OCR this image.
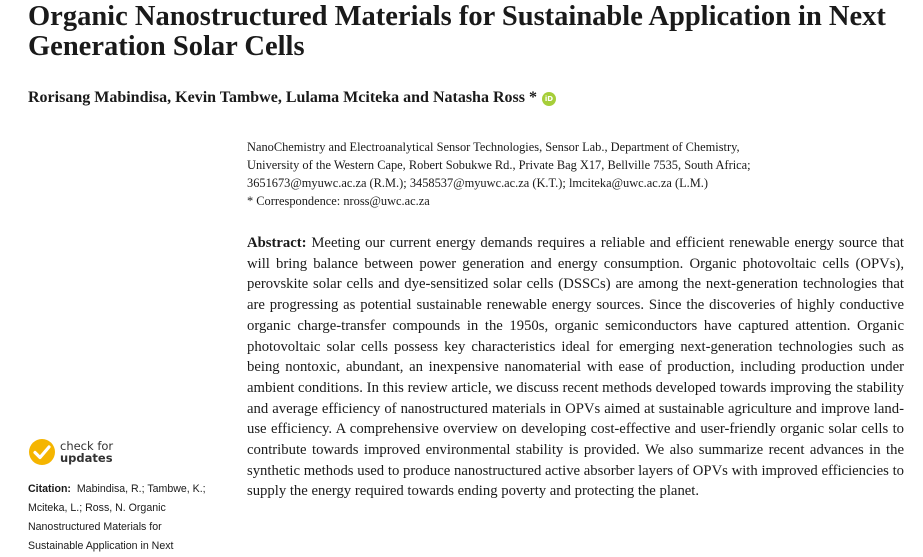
Organic Nanostructured Materials for Sustainable Application in Next Generation Solar Cells
Rorisang Mabindisa, Kevin Tambwe, Lulama Mciteka and Natasha Ross * iD
NanoChemistry and Electroanalytical Sensor Technologies, Sensor Lab., Department of Chemistry,
University of the Western Cape, Robert Sobukwe Rd., Private Bag X17, Bellville 7535, South Africa;
3651673@myuwc.ac.za (R.M.); 3458537@myuwc.ac.za (K.T.); lmciteka@uwc.ac.za (L.M.)
* Correspondence: nross@uwc.ac.za
Abstract: Meeting our current energy demands requires a reliable and efficient renewable energy source that will bring balance between power generation and energy consumption. Organic photovoltaic cells (OPVs), perovskite solar cells and dye-sensitized solar cells (DSSCs) are among the next-generation technologies that are progressing as potential sustainable renewable energy sources. Since the discoveries of highly conductive organic charge-transfer compounds in the 1950s, organic semiconductors have captured attention. Organic photovoltaic solar cells possess key characteristics ideal for emerging next-generation technologies such as being nontoxic, abundant, an inexpensive nanomaterial with ease of production, including production under ambient conditions. In this review article, we discuss recent methods developed towards improving the stability and average efficiency of nanostructured materials in OPVs aimed at sustainable agriculture and improve land-use efficiency. A comprehensive overview on developing cost-effective and user-friendly organic solar cells to contribute towards improved environmental stability is provided. We also summarize recent advances in the synthetic methods used to produce nanostructured active absorber layers of OPVs with improved efficiencies to supply the energy required towards ending poverty and protecting the planet.
check for
updates
Citation: Mabindisa, R.; Tambwe, K.;
Mciteka, L.; Ross, N. Organic
Nanostructured Materials for
Sustainable Application in Next
